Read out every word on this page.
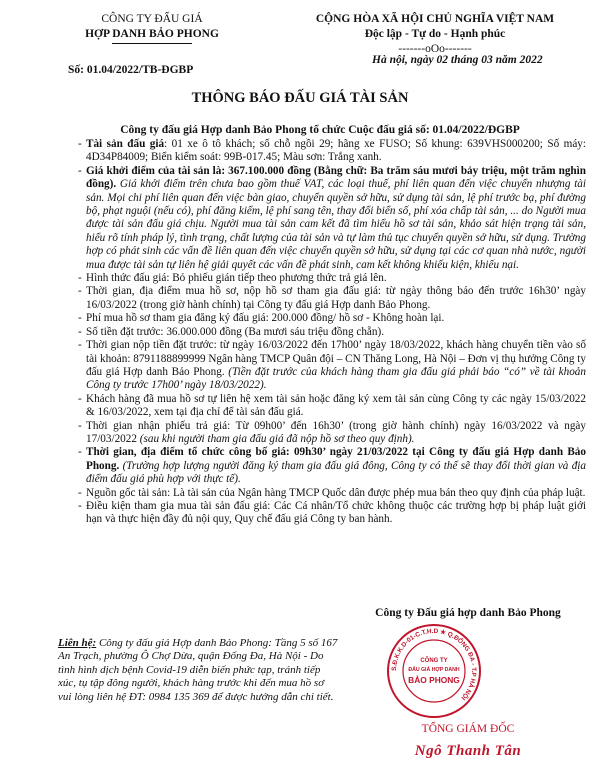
CÔNG TY ĐẤU GIÁ
HỢP DANH BẢO PHONG
Số: 01.04/2022/TB-ĐGBP
CỘNG HÒA XÃ HỘI CHỦ NGHĨA VIỆT NAM
Độc lập - Tự do - Hạnh phúc
-------oOo-------
Hà nội, ngày 02 tháng 03 năm 2022
THÔNG BÁO ĐẤU GIÁ TÀI SẢN
Công ty đấu giá Hợp danh Bảo Phong tổ chức Cuộc đấu giá số: 01.04/2022/ĐGBP
- Tài sản đấu giá: 01 xe ô tô khách; số chỗ ngồi 29; hãng xe FUSO; Số khung: 639VHS000200; Số máy: 4D34P84009; Biển kiểm soát: 99B-017.45; Màu sơn: Trắng xanh.
- Giá khởi điểm của tài sản là: 367.100.000 đồng (Bằng chữ: Ba trăm sáu mươi bảy triệu, một trăm nghìn đồng). Giá khởi điểm trên chưa bao gồm thuế VAT, các loại thuế, phí liên quan đến việc chuyển nhượng tài sản. Mọi chi phí liên quan đến việc bàn giao, chuyển quyền sở hữu, sử dụng tài sản, lệ phí trước bạ, phí đường bộ, phạt nguội (nếu có), phí đăng kiểm, lệ phí sang tên, thay đổi biển số, phí xóa chấp tài sản, ... do Người mua được tài sản đấu giá chịu. Người mua tài sản cam kết đã tìm hiểu hồ sơ tài sản, khảo sát hiện trạng tài sản, hiểu rõ tính pháp lý, tình trạng, chất lượng của tài sản và tự làm thủ tục chuyển quyền sở hữu, sử dụng. Trường hợp có phát sinh các vấn đề liên quan đến việc chuyển quyền sở hữu, sử dụng tại các cơ quan nhà nước, người mua được tài sản tự liên hệ giải quyết các vấn đề phát sinh, cam kết không khiếu kiện, khiếu nại.
- Hình thức đấu giá: Bỏ phiếu gián tiếp theo phương thức trả giá lên.
- Thời gian, địa điểm mua hồ sơ, nộp hồ sơ tham gia đấu giá: từ ngày thông báo đến trước 16h30’ ngày 16/03/2022 (trong giờ hành chính) tại Công ty đấu giá Hợp danh Bảo Phong.
- Phí mua hồ sơ tham gia đăng ký đấu giá: 200.000 đồng/ hồ sơ - Không hoàn lại.
- Số tiền đặt trước: 36.000.000 đồng (Ba mươi sáu triệu đồng chẵn).
- Thời gian nộp tiền đặt trước: từ ngày 16/03/2022 đến 17h00’ ngày 18/03/2022, khách hàng chuyển tiền vào số tài khoản: 8791188899999 Ngân hàng TMCP Quân đội – CN Thăng Long, Hà Nội – Đơn vị thụ hưởng Công ty đấu giá Hợp danh Bảo Phong. (Tiền đặt trước của khách hàng tham gia đấu giá phải báo “có” về tài khoản Công ty trước 17h00’ ngày 18/03/2022).
- Khách hàng đã mua hồ sơ tự liên hệ xem tài sản hoặc đăng ký xem tài sản cùng Công ty các ngày 15/03/2022 & 16/03/2022, xem tại địa chỉ để tài sản đấu giá.
- Thời gian nhận phiếu trả giá: Từ 09h00’ đến 16h30’ (trong giờ hành chính) ngày 16/03/2022 và ngày 17/03/2022 (sau khi người tham gia đấu giá đã nộp hồ sơ theo quy định).
- Thời gian, địa điểm tổ chức công bố giá: 09h30’ ngày 21/03/2022 tại Công ty đấu giá Hợp danh Bảo Phong. (Trường hợp lượng người đăng ký tham gia đấu giá đông, Công ty có thể sẽ thay đổi thời gian và địa điểm đấu giá phù hợp với thực tế).
- Nguồn gốc tài sản: Là tài sản của Ngân hàng TMCP Quốc dân được phép mua bán theo quy định của pháp luật.
- Điều kiện tham gia mua tài sản đấu giá: Các Cá nhân/Tổ chức không thuộc các trường hợp bị pháp luật giới hạn và thực hiện đầy đủ nội quy, Quy chế đấu giá Công ty ban hành.
Liên hệ: Công ty đấu giá Hợp danh Bảo Phong: Tầng 5 số 167 An Trạch, phường Ô Chợ Dừa, quận Đống Đa, Hà Nội - Do tình hình dịch bệnh Covid-19 diễn biến phức tạp, tránh tiếp xúc, tụ tập đông người, khách hàng trước khi đến mua hồ sơ vui lòng liên hệ ĐT: 0984 135 369 để được hướng dẫn chi tiết.
Công ty Đấu giá hợp danh Bảo Phong
S.Đ.K.K.D-01-C.T.H.D ★ Q.ĐỐNG ĐA - T.P HÀ NỘI
CÔNG TY
ĐẤU GIÁ HỢP DANH
BẢO PHONG
TỔNG GIÁM ĐỐC
Ngô Thanh Tân
